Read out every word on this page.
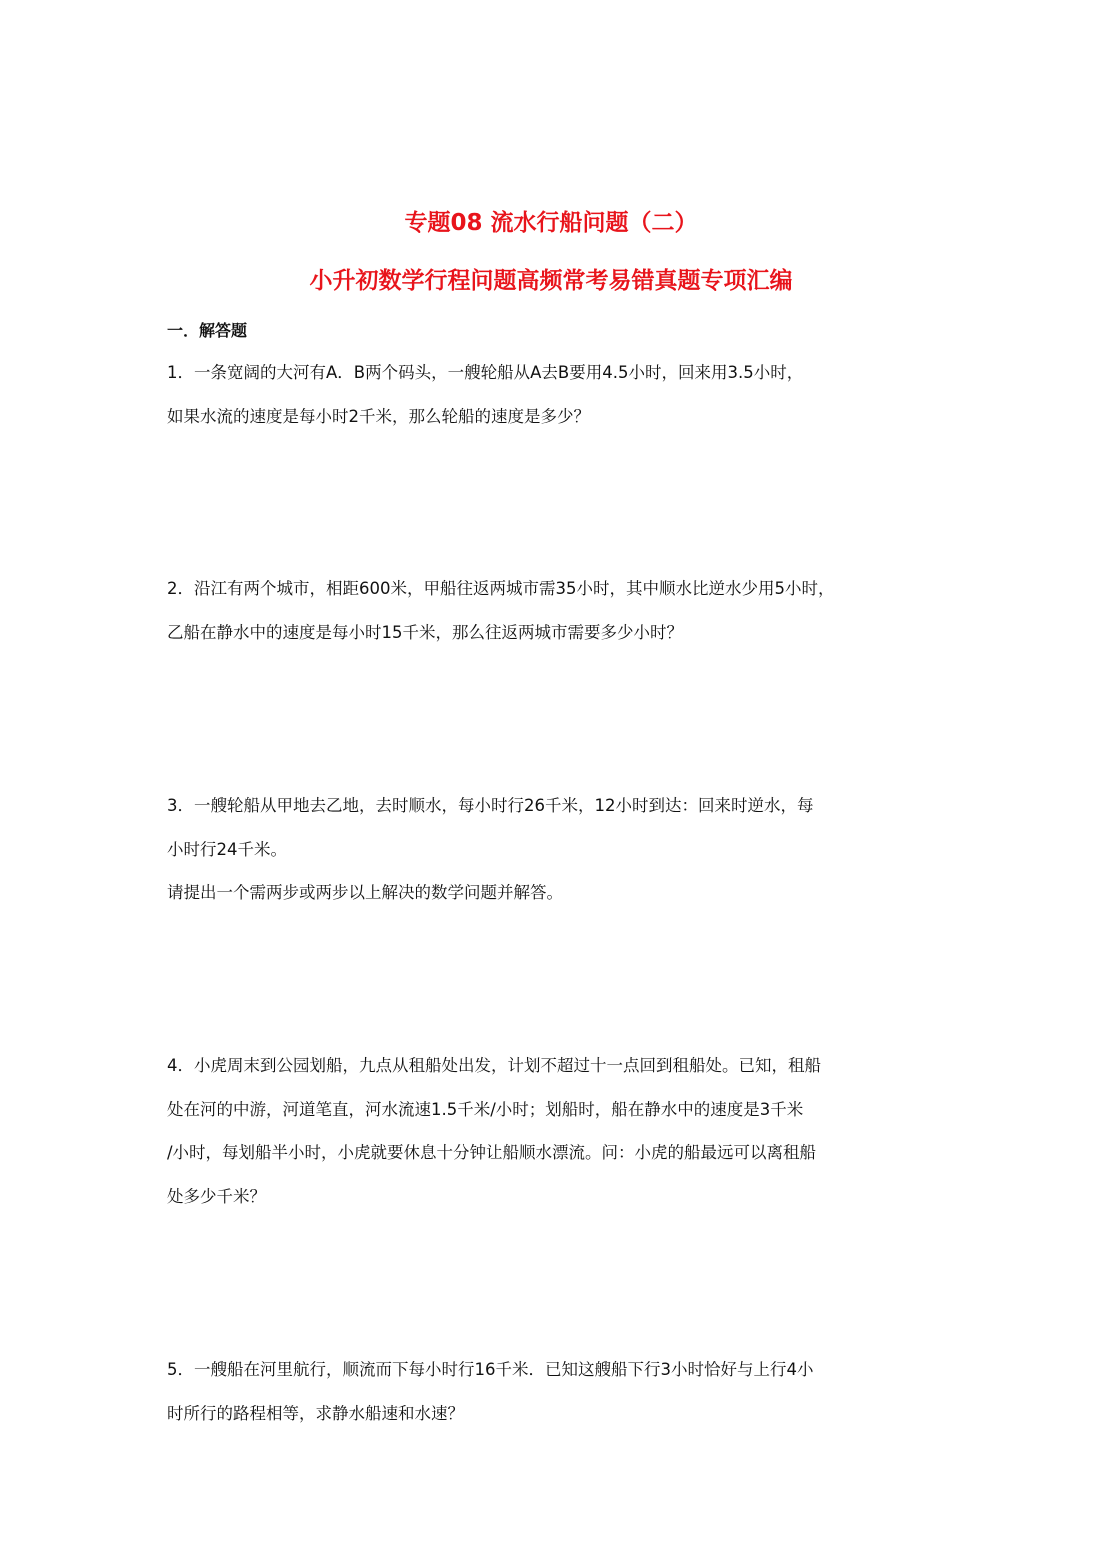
专题08 流水行船问题（二）
小升初数学行程问题高频常考易错真题专项汇编
一．解答题
1．一条宽阔的大河有A．B两个码头，一艘轮船从A去B要用4.5小时，回来用3.5小时，
如果水流的速度是每小时2千米，那么轮船的速度是多少？
2．沿江有两个城市，相距600米，甲船往返两城市需35小时，其中顺水比逆水少用5小时，
乙船在静水中的速度是每小时15千米，那么往返两城市需要多少小时？
3．一艘轮船从甲地去乙地，去时顺水，每小时行26千米，12小时到达：回来时逆水，每
小时行24千米。
请提出一个需两步或两步以上解决的数学问题并解答。
4．小虎周末到公园划船，九点从租船处出发，计划不超过十一点回到租船处。已知，租船
处在河的中游，河道笔直，河水流速1.5千米/小时；划船时，船在静水中的速度是3千米
/小时，每划船半小时，小虎就要休息十分钟让船顺水漂流。问：小虎的船最远可以离租船
处多少千米？
5．一艘船在河里航行，顺流而下每小时行16千米．已知这艘船下行3小时恰好与上行4小
时所行的路程相等，求静水船速和水速？
